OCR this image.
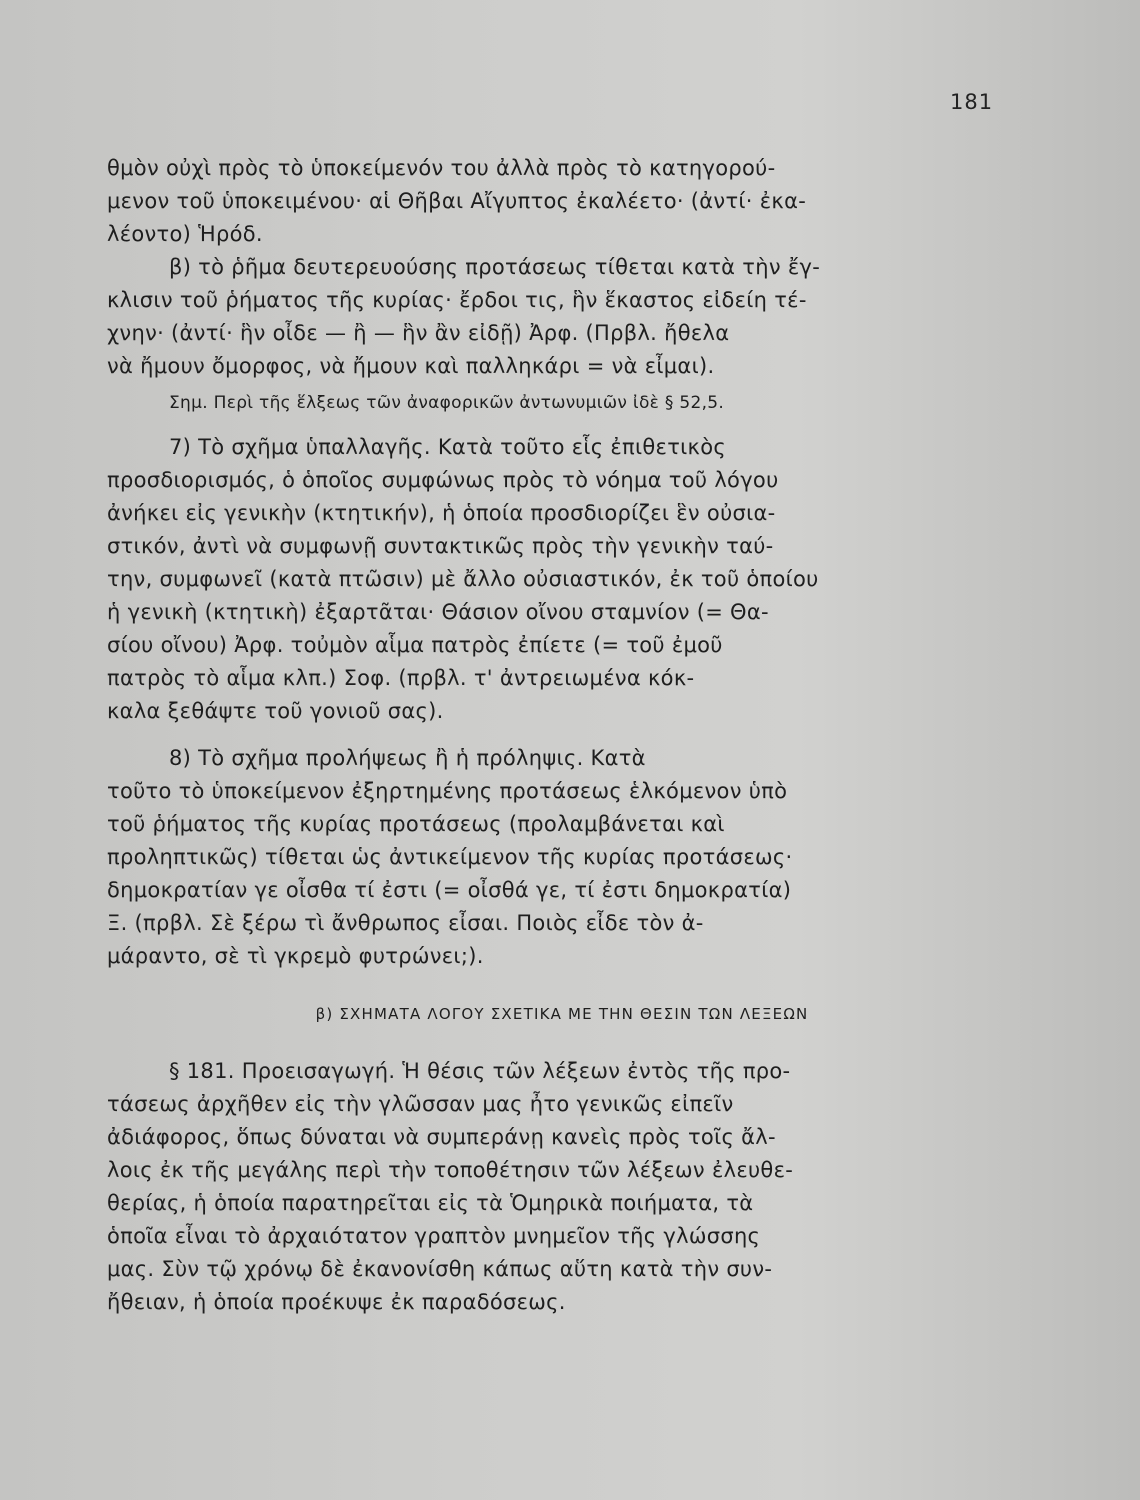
181
θμὸν οὐχὶ πρὸς τὸ ὑποκείμενόν του ἀλλὰ πρὸς τὸ κατηγορού-
μενον τοῦ ὑποκειμένου· αἱ Θῆβαι Αἴγυπτος ἐκαλέετο· (ἀντί· ἐκα-
λέοντο) Ἡρόδ.
β) τὸ ῥῆμα δευτερευούσης προτάσεως τίθεται κατὰ τὴν ἔγ-
κλισιν τοῦ ῥήματος τῆς κυρίας· ἔρδοι τις, ἣν ἕκαστος εἰδείη τέ-
χνην· (ἀντί· ἣν οἶδε — ἢ — ἣν ἂν εἰδῇ) Ἀρφ. (Πρβλ. ἤθελα
νὰ ἤμουν ὄμορφος, νὰ ἤμουν καὶ παλληκάρι = νὰ εἶμαι).
Σημ. Περὶ τῆς ἕλξεως τῶν ἀναφορικῶν ἀντωνυμιῶν ἰδὲ § 52,5.
7) Τὸ σχῆμα ὑπαλλαγῆς. Κατὰ τοῦτο εἷς ἐπιθετικὸς
προσδιορισμός, ὁ ὁποῖος συμφώνως πρὸς τὸ νόημα τοῦ λόγου
ἀνήκει εἰς γενικὴν (κτητικήν), ἡ ὁποία προσδιορίζει ἓν οὐσια-
στικόν, ἀντὶ νὰ συμφωνῇ συντακτικῶς πρὸς τὴν γενικὴν ταύ-
την, συμφωνεῖ (κατὰ πτῶσιν) μὲ ἄλλο οὐσιαστικόν, ἐκ τοῦ ὁποίου
ἡ γενικὴ (κτητικὴ) ἐξαρτᾶται· Θάσιον οἴνου σταμνίον (= Θα-
σίου οἴνου) Ἀρφ. τοὐμὸν αἷμα πατρὸς ἐπίετε (= τοῦ ἐμοῦ
πατρὸς τὸ αἷμα κλπ.) Σοφ. (πρβλ. τ' ἀντρειωμένα κόκ-
καλα ξεθάψτε τοῦ γονιοῦ σας).
8) Τὸ σχῆμα προλήψεως ἢ ἡ πρόληψις. Κατὰ
τοῦτο τὸ ὑποκείμενον ἐξηρτημένης προτάσεως ἑλκόμενον ὑπὸ
τοῦ ῥήματος τῆς κυρίας προτάσεως (προλαμβάνεται καὶ
προληπτικῶς) τίθεται ὡς ἀντικείμενον τῆς κυρίας προτάσεως·
δημοκρατίαν γε οἶσθα τί ἐστι (= οἶσθά γε, τί ἐστι δημοκρατία)
Ξ. (πρβλ. Σὲ ξέρω τὶ ἄνθρωπος εἶσαι. Ποιὸς εἶδε τὸν ἀ-
μάραντο, σὲ τὶ γκρεμὸ φυτρώνει;).
β) ΣΧΗΜΑΤΑ ΛΟΓΟΥ ΣΧΕΤΙΚΑ ΜΕ ΤΗΝ ΘΕΣΙΝ ΤΩΝ ΛΕΞΕΩΝ
§ 181. Προεισαγωγή. Ἡ θέσις τῶν λέξεων ἐντὸς τῆς προ-
τάσεως ἀρχῆθεν εἰς τὴν γλῶσσαν μας ἦτο γενικῶς εἰπεῖν
ἀδιάφορος, ὅπως δύναται νὰ συμπεράνῃ κανεὶς πρὸς τοῖς ἄλ-
λοις ἐκ τῆς μεγάλης περὶ τὴν τοποθέτησιν τῶν λέξεων ἐλευθε-
θερίας, ἡ ὁποία παρατηρεῖται εἰς τὰ Ὁμηρικὰ ποιήματα, τὰ
ὁποῖα εἶναι τὸ ἀρχαιότατον γραπτὸν μνημεῖον τῆς γλώσσης
μας. Σὺν τῷ χρόνῳ δὲ ἐκανονίσθη κάπως αὕτη κατὰ τὴν συν-
ἤθειαν, ἡ ὁποία προέκυψε ἐκ παραδόσεως.
